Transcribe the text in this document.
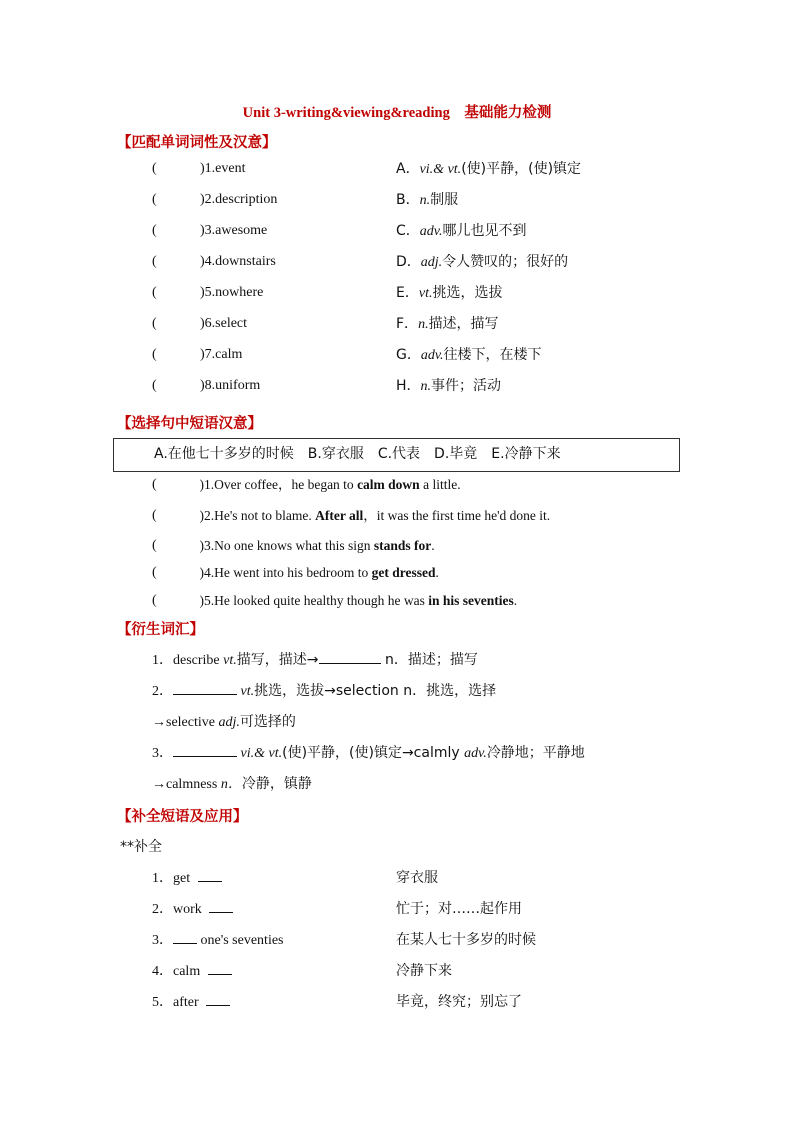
Unit 3-writing&viewing&reading　基础能力检测
【匹配单词词性及汉意】
( 　)1.event	A．vi.& vt.(使)平静，(使)镇定
( 　)2.description	B．n.制服
( 　)3.awesome	C．adv.哪儿也见不到
( 　)4.downstairs	D．adj.令人赞叹的；很好的
( 　)5.nowhere	E．vt.挑选，选拔
( 　)6.select	F．n.描述，描写
( 　)7.calm	G．adv.往楼下，在楼下
( 　)8.uniform	H．n.事件；活动
【选择句中短语汉意】
A.在他七十多岁的时候　B.穿衣服　C.代表　D.毕竟　E.冷静下来
( 　)1.Over coffee，he began to calm down a little.
( 　)2.He's not to blame. After all，it was the first time he'd done it.
( 　)3.No one knows what this sign stands for.
( 　)4.He went into his bedroom to get dressed.
( 　)5.He looked quite healthy though he was in his seventies.
【衍生词汇】
1．describe vt.描写，描述→	n．描述；描写
2．	vt.挑选，选拔→selection n．挑选，选择
→selective adj.可选择的
3．	vi.& vt.(使)平静，(使)镇定→calmly adv.冷静地；平静地
→calmness n．冷静，镇静
【补全短语及应用】
**补全
1．get	穿衣服
2．work	忙于；对……起作用
3． one's seventies	在某人七十多岁的时候
4．calm	冷静下来
5．after	毕竟，终究；别忘了
